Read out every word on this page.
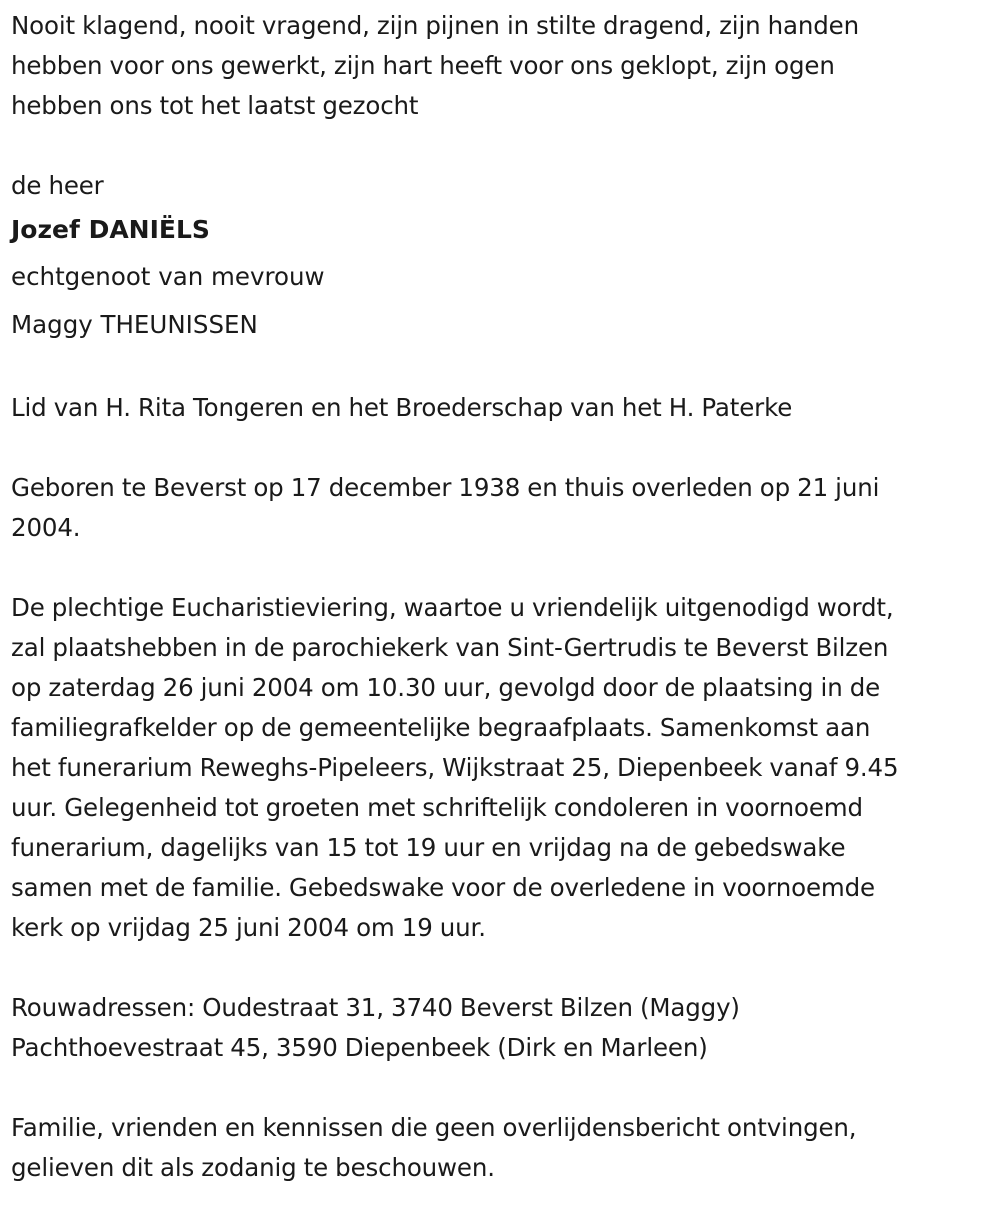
Nooit klagend, nooit vragend, zijn pijnen in stilte dragend, zijn handen
hebben voor ons gewerkt, zijn hart heeft voor ons geklopt, zijn ogen
hebben ons tot het laatst gezocht

de heer

Jozef DANIËLS

echtgenoot van mevrouw

Maggy THEUNISSEN

Lid van H. Rita Tongeren en het Broederschap van het H. Paterke

Geboren te Beverst op 17 december 1938 en thuis overleden op 21 juni
2004.

De plechtige Eucharistieviering, waartoe u vriendelijk uitgenodigd wordt,
zal plaatshebben in de parochiekerk van Sint-Gertrudis te Beverst Bilzen
op zaterdag 26 juni 2004 om 10.30 uur, gevolgd door de plaatsing in de
familiegrafkelder op de gemeentelijke begraafplaats. Samenkomst aan
het funerarium Reweghs-Pipeleers, Wijkstraat 25, Diepenbeek vanaf 9.45
uur. Gelegenheid tot groeten met schriftelijk condoleren in voornoemd
funerarium, dagelijks van 15 tot 19 uur en vrijdag na de gebedswake
samen met de familie. Gebedswake voor de overledene in voornoemde
kerk op vrijdag 25 juni 2004 om 19 uur.

Rouwadressen: Oudestraat 31, 3740 Beverst Bilzen (Maggy)
Pachthoevestraat 45, 3590 Diepenbeek (Dirk en Marleen)

Familie, vrienden en kennissen die geen overlijdensbericht ontvingen,
gelieven dit als zodanig te beschouwen.
